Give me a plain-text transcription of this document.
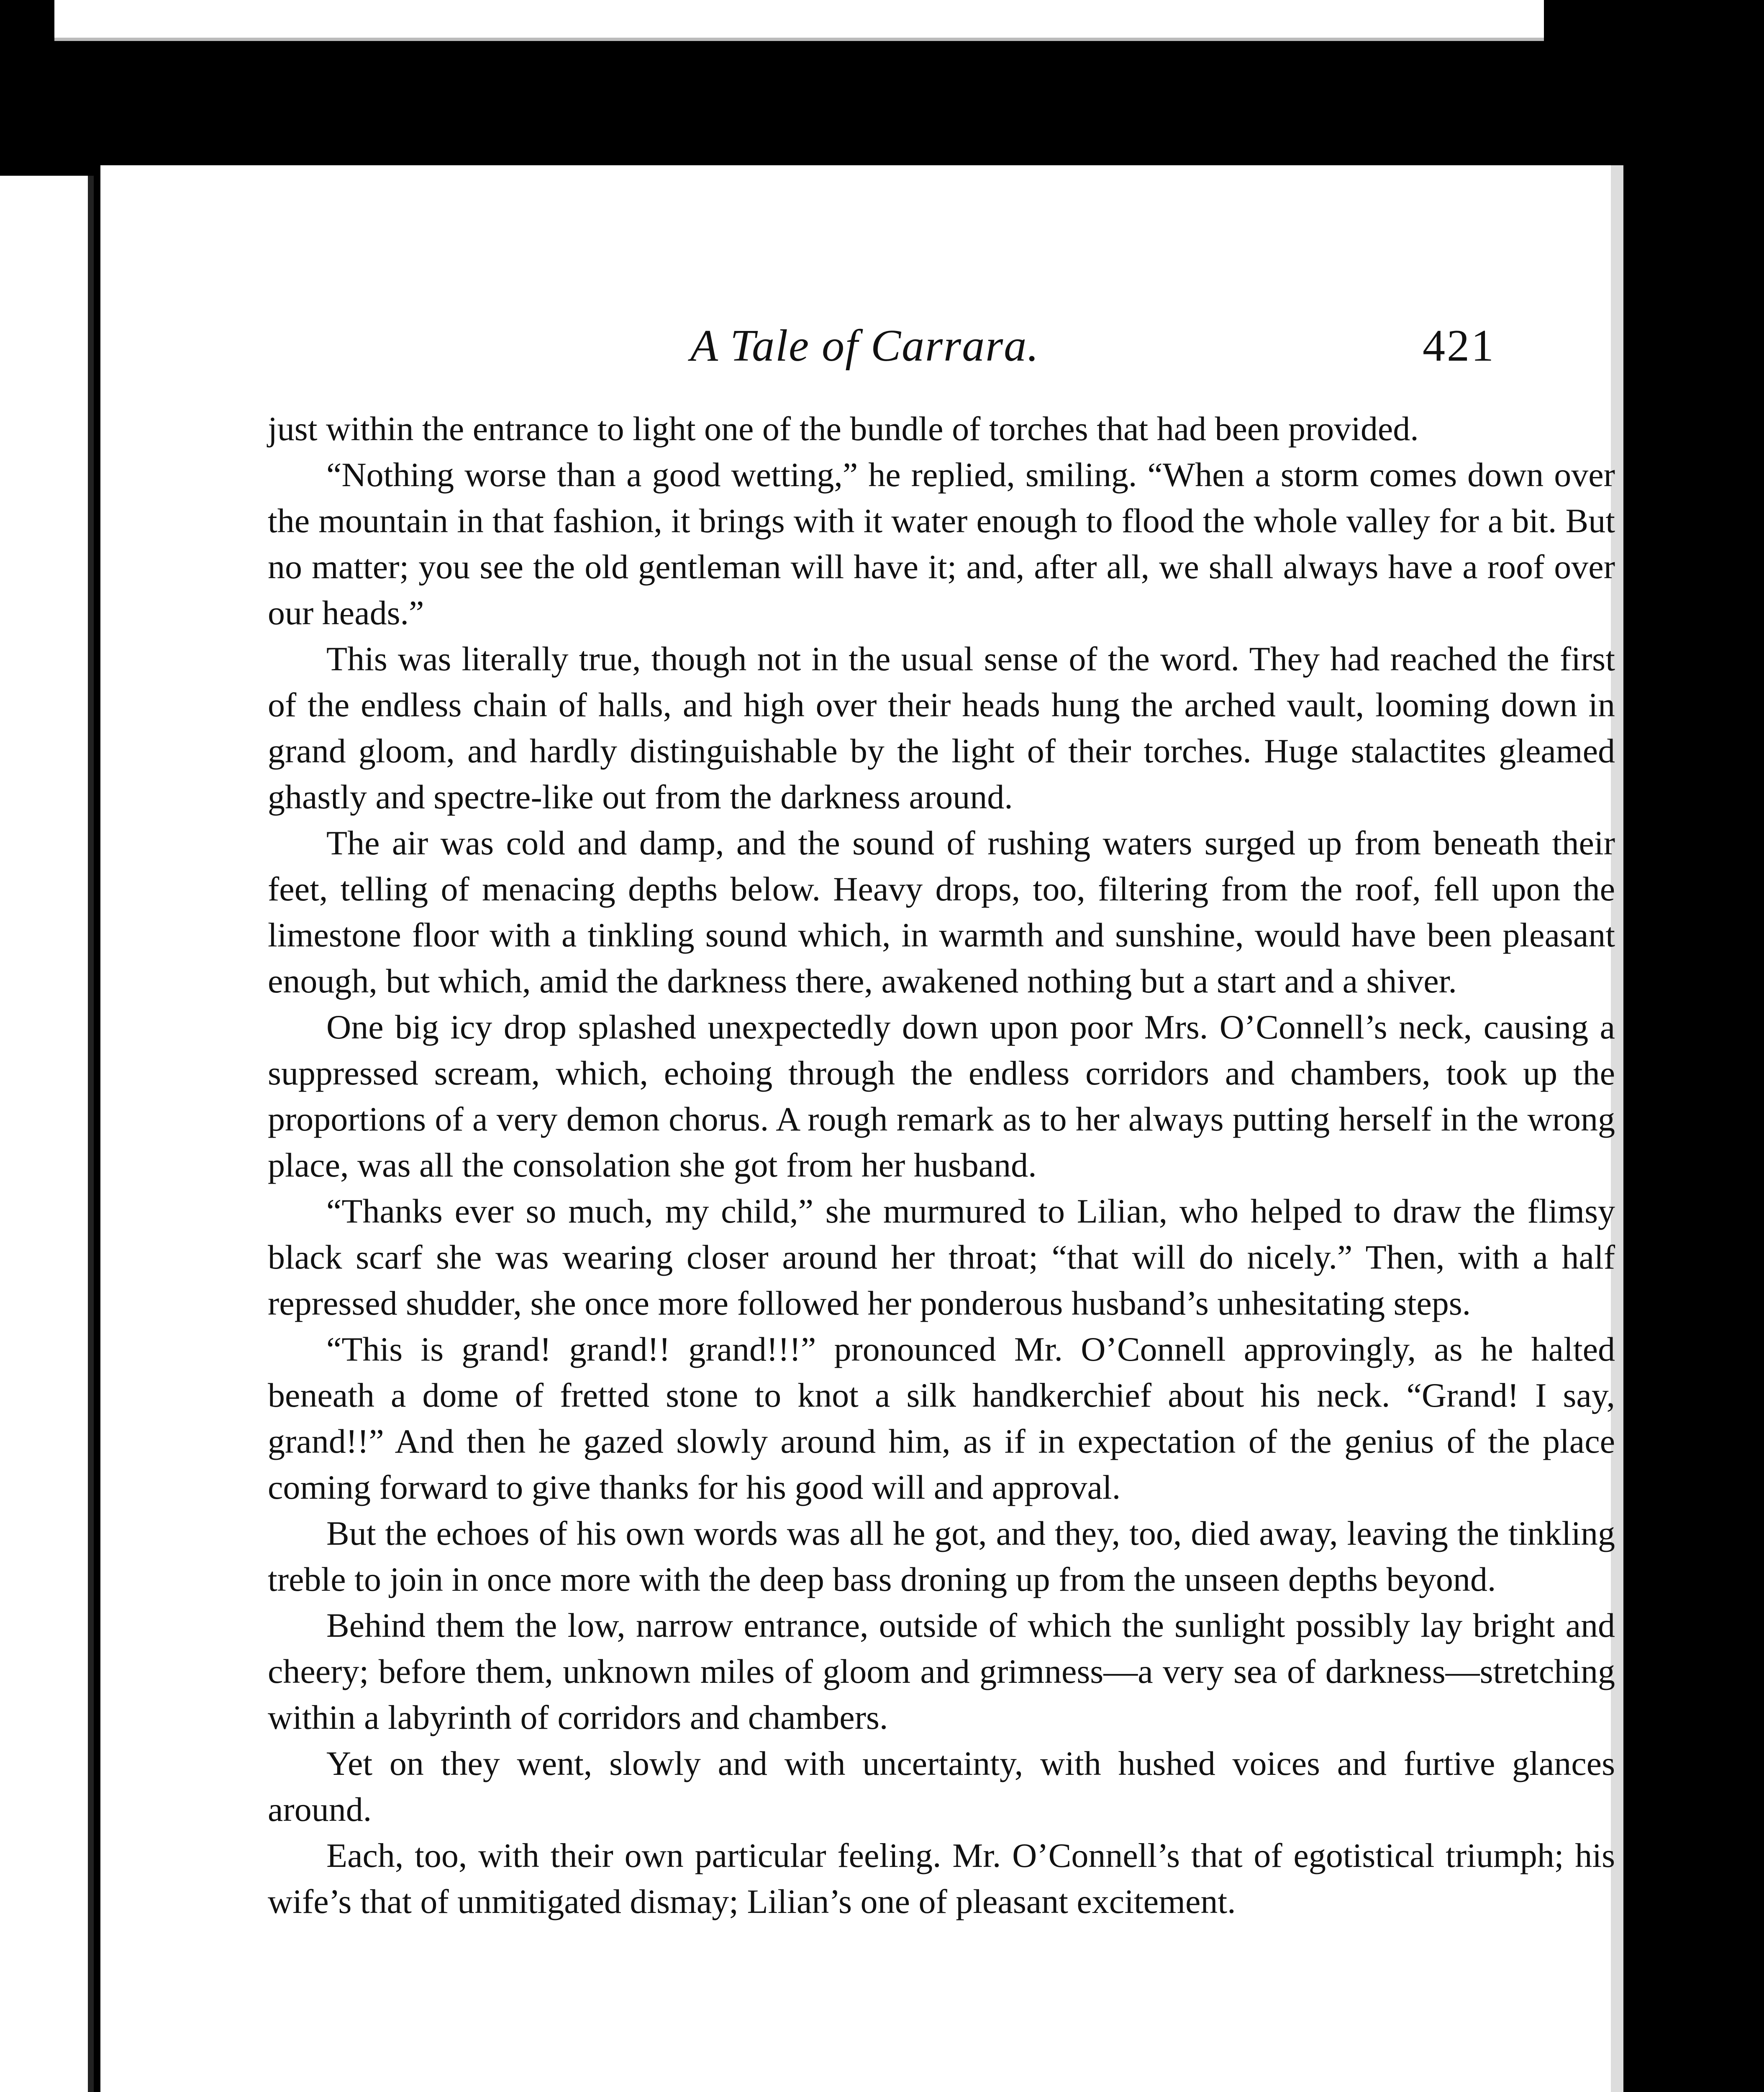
A Tale of Carrara.	421

just within the entrance to light one of the bundle of torches that had been provided.

“Nothing worse than a good wetting,” he replied, smiling. “When a storm comes down over the mountain in that fashion, it brings with it water enough to flood the whole valley for a bit. But no matter; you see the old gentleman will have it; and, after all, we shall always have a roof over our heads.”

This was literally true, though not in the usual sense of the word. They had reached the first of the endless chain of halls, and high over their heads hung the arched vault, looming down in grand gloom, and hardly distinguishable by the light of their torches. Huge stalactites gleamed ghastly and spectre-like out from the darkness around.

The air was cold and damp, and the sound of rushing waters surged up from beneath their feet, telling of menacing depths below. Heavy drops, too, filtering from the roof, fell upon the limestone floor with a tinkling sound which, in warmth and sunshine, would have been pleasant enough, but which, amid the darkness there, awakened nothing but a start and a shiver.

One big icy drop splashed unexpectedly down upon poor Mrs. O’Connell’s neck, causing a suppressed scream, which, echoing through the endless corridors and chambers, took up the proportions of a very demon chorus. A rough remark as to her always putting herself in the wrong place, was all the consolation she got from her husband.

“Thanks ever so much, my child,” she murmured to Lilian, who helped to draw the flimsy black scarf she was wearing closer around her throat; “that will do nicely.” Then, with a half repressed shudder, she once more followed her ponderous husband’s unhesitating steps.

“This is grand! grand!! grand!!!” pronounced Mr. O’Connell approvingly, as he halted beneath a dome of fretted stone to knot a silk handkerchief about his neck. “Grand! I say, grand!!” And then he gazed slowly around him, as if in expectation of the genius of the place coming forward to give thanks for his good will and approval.

But the echoes of his own words was all he got, and they, too, died away, leaving the tinkling treble to join in once more with the deep bass droning up from the unseen depths beyond.

Behind them the low, narrow entrance, outside of which the sunlight possibly lay bright and cheery; before them, unknown miles of gloom and grimness—a very sea of darkness—stretching within a labyrinth of corridors and chambers.

Yet on they went, slowly and with uncertainty, with hushed voices and furtive glances around.

Each, too, with their own particular feeling. Mr. O’Connell’s that of egotistical triumph; his wife’s that of unmitigated dismay; Lilian’s one of pleasant excitement.
